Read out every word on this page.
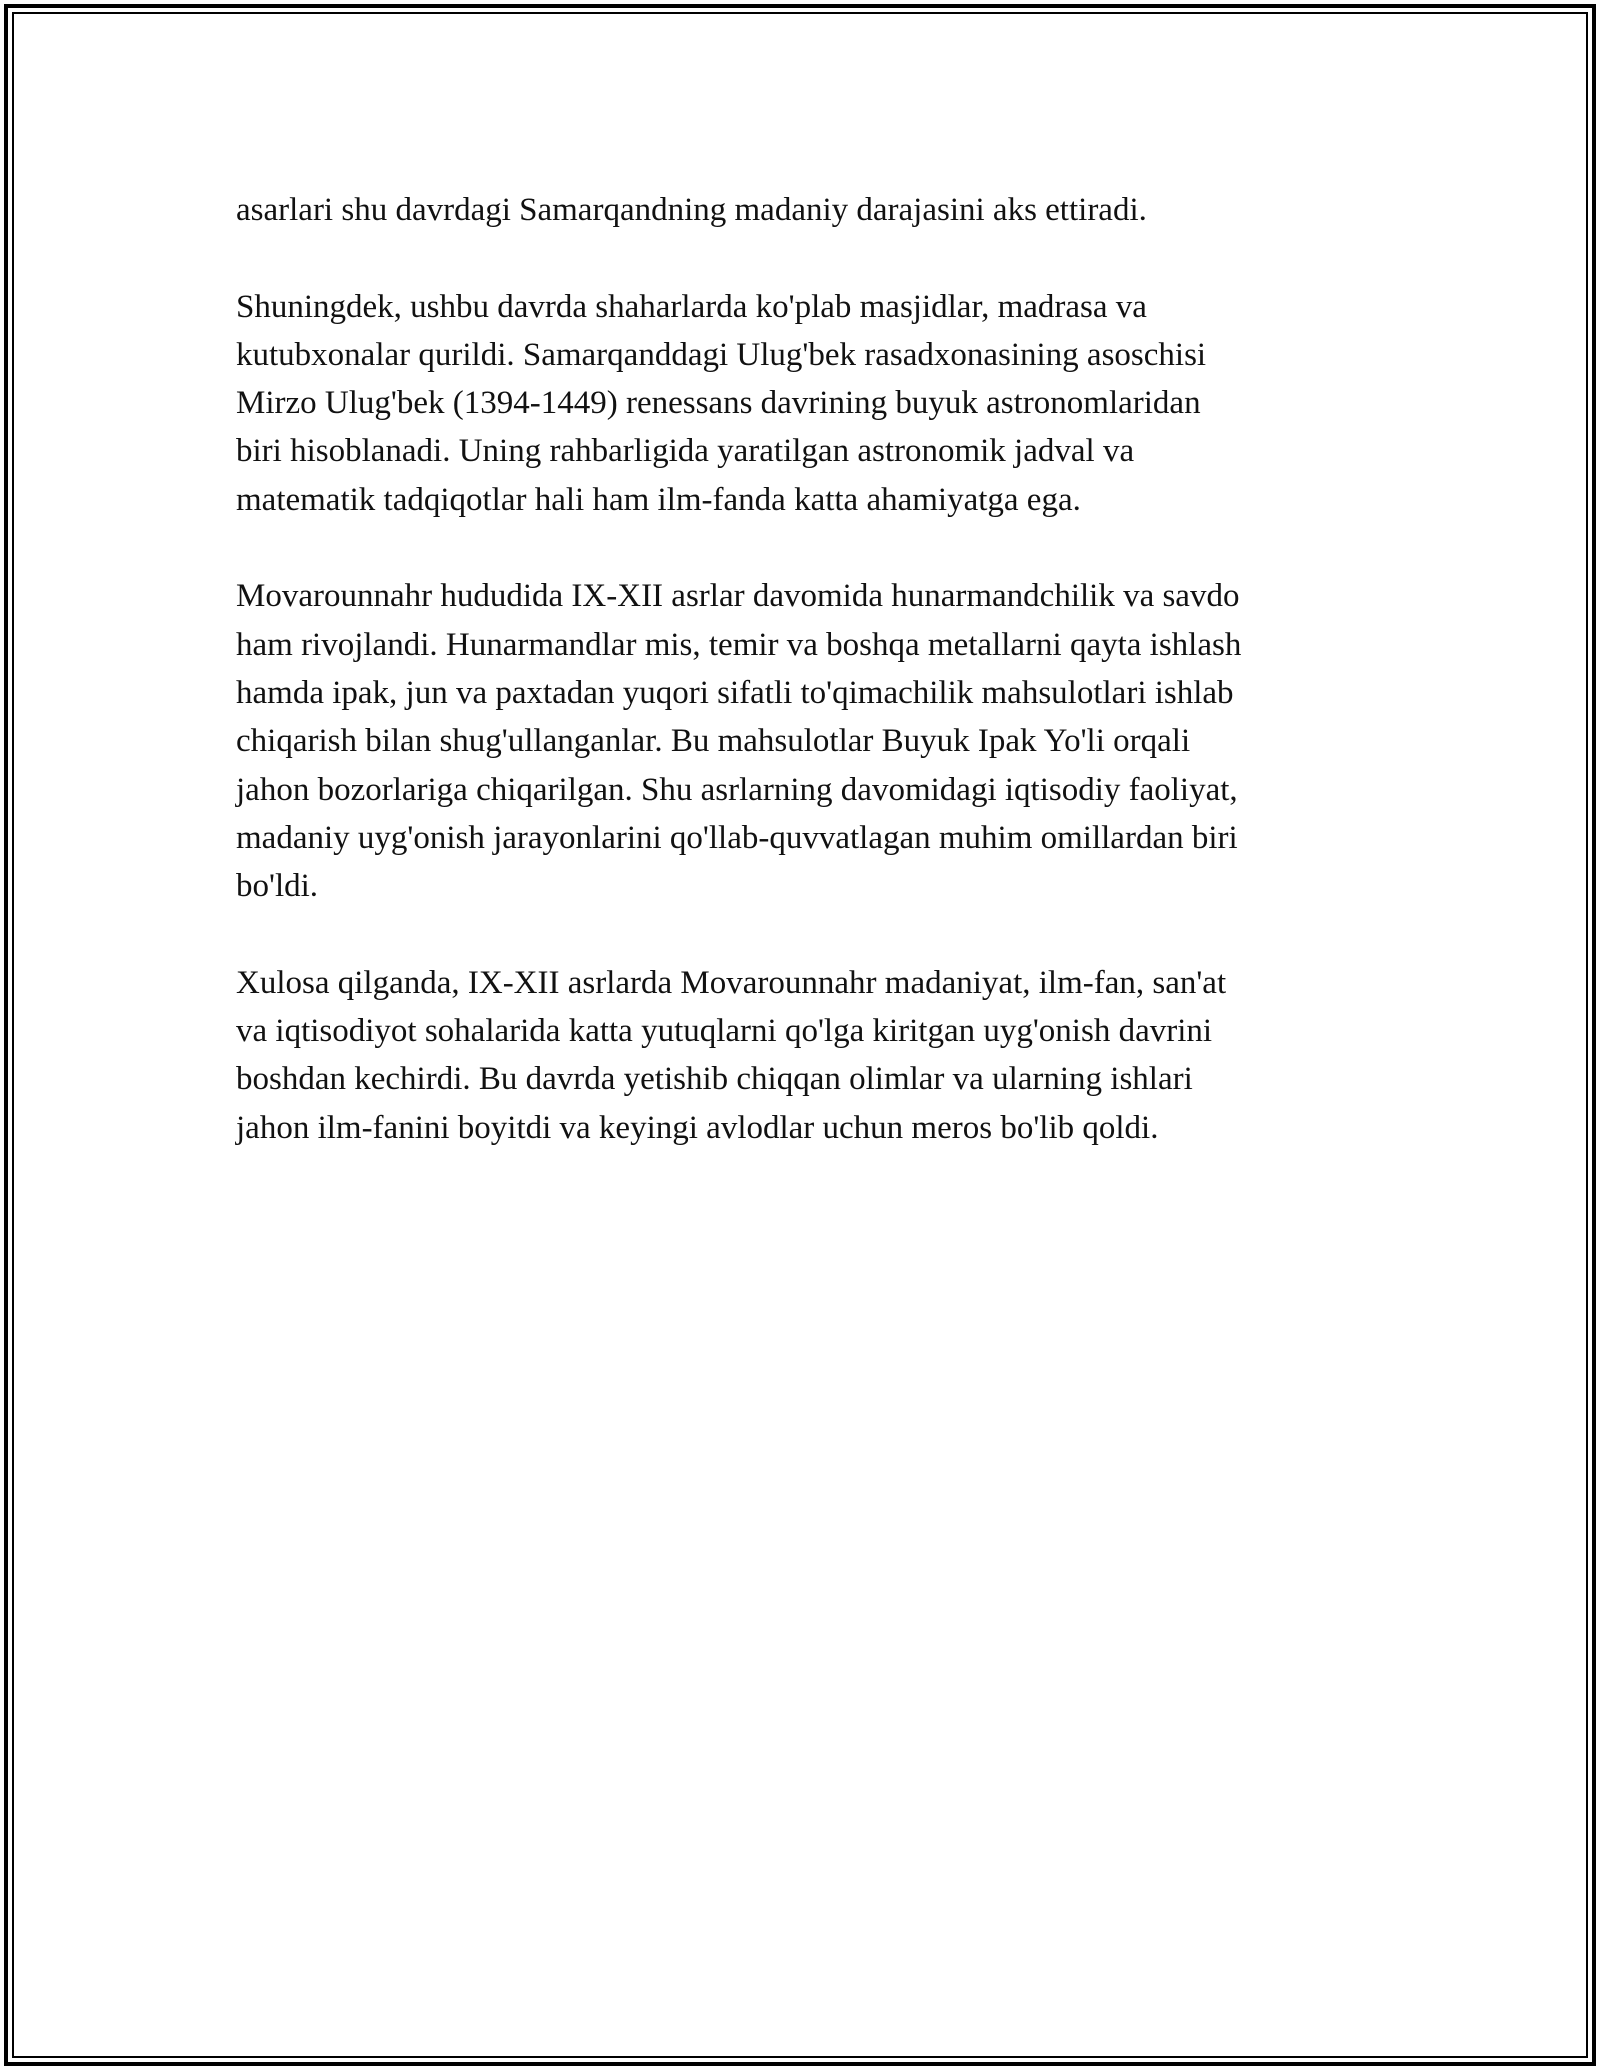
asarlari shu davrdagi Samarqandning madaniy darajasini aks ettiradi.

Shuningdek, ushbu davrda shaharlarda ko'plab masjidlar, madrasa va
kutubxonalar qurildi. Samarqanddagi Ulug'bek rasadxonasining asoschisi
Mirzo Ulug'bek (1394-1449) renessans davrining buyuk astronomlaridan
biri hisoblanadi. Uning rahbarligida yaratilgan astronomik jadval va
matematik tadqiqotlar hali ham ilm-fanda katta ahamiyatga ega.

Movarounnahr hududida IX-XII asrlar davomida hunarmandchilik va savdo
ham rivojlandi. Hunarmandlar mis, temir va boshqa metallarni qayta ishlash
hamda ipak, jun va paxtadan yuqori sifatli to'qimachilik mahsulotlari ishlab
chiqarish bilan shug'ullanganlar. Bu mahsulotlar Buyuk Ipak Yo'li orqali
jahon bozorlariga chiqarilgan. Shu asrlarning davomidagi iqtisodiy faoliyat,
madaniy uyg'onish jarayonlarini qo'llab-quvvatlagan muhim omillardan biri
bo'ldi.

Xulosa qilganda, IX-XII asrlarda Movarounnahr madaniyat, ilm-fan, san'at
va iqtisodiyot sohalarida katta yutuqlarni qo'lga kiritgan uyg'onish davrini
boshdan kechirdi. Bu davrda yetishib chiqqan olimlar va ularning ishlari
jahon ilm-fanini boyitdi va keyingi avlodlar uchun meros bo'lib qoldi.
